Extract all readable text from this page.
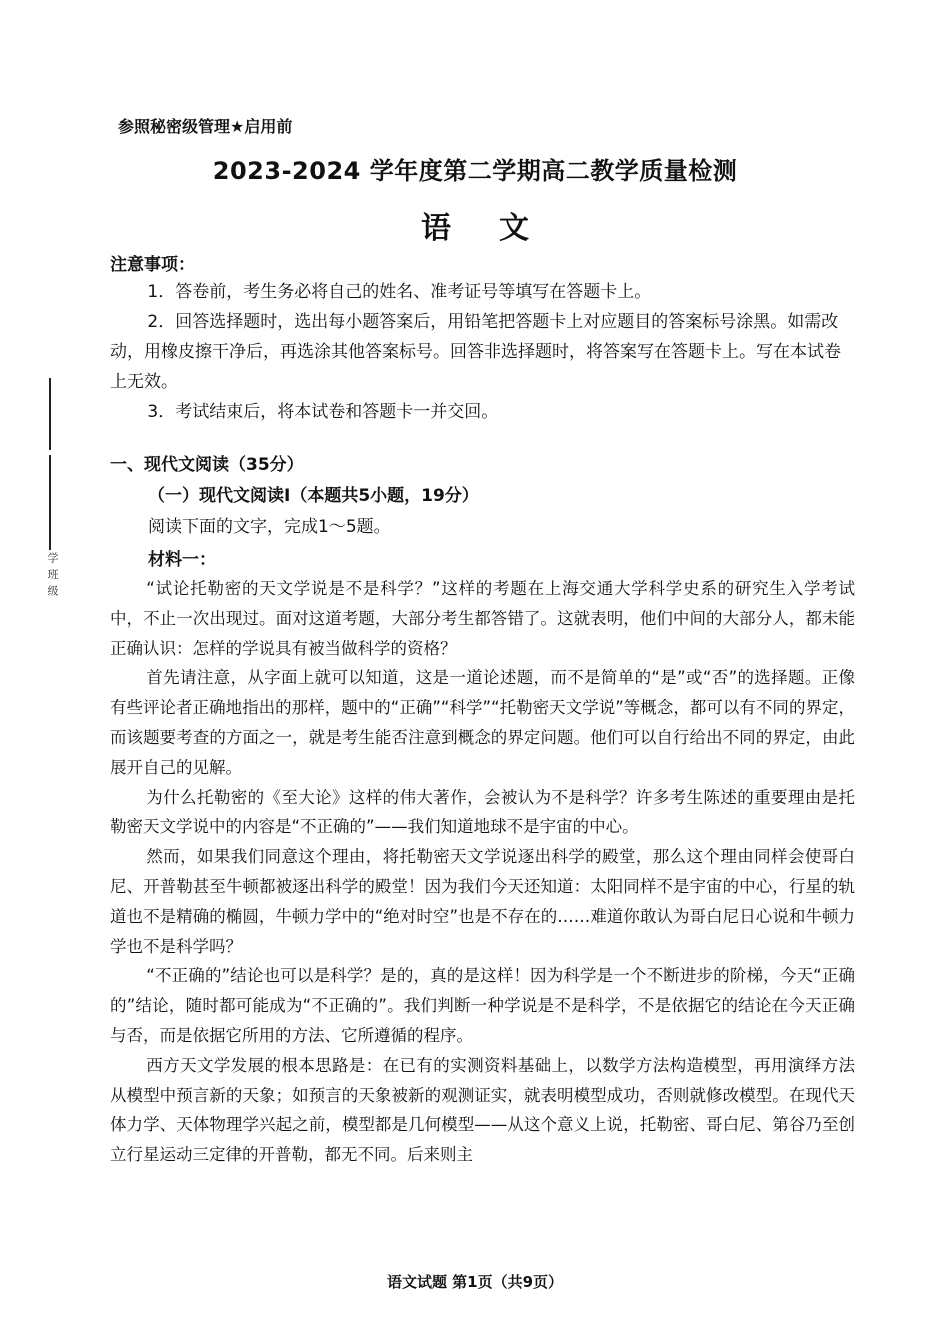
学 班 级
参照秘密级管理★启用前
2023-2024 学年度第二学期高二教学质量检测
语文
注意事项：

1．答卷前，考生务必将自己的姓名、准考证号等填写在答题卡上。

2．回答选择题时，选出每小题答案后，用铅笔把答题卡上对应题目的答案标号涂黑。如需改动，用橡皮擦干净后，再选涂其他答案标号。回答非选择题时，将答案写在答题卡上。写在本试卷上无效。

3．考试结束后，将本试卷和答题卡一并交回。

一、现代文阅读（35分）
（一）现代文阅读Ⅰ（本题共5小题，19分）
阅读下面的文字，完成1～5题。
材料一：

“试论托勒密的天文学说是不是科学？”这样的考题在上海交通大学科学史系的研究生入学考试中，不止一次出现过。面对这道考题，大部分考生都答错了。这就表明，他们中间的大部分人，都未能正确认识：怎样的学说具有被当做科学的资格？

首先请注意，从字面上就可以知道，这是一道论述题，而不是简单的“是”或“否”的选择题。正像有些评论者正确地指出的那样，题中的“正确”“科学”“托勒密天文学说”等概念，都可以有不同的界定，而该题要考查的方面之一，就是考生能否注意到概念的界定问题。他们可以自行给出不同的界定，由此展开自己的见解。

为什么托勒密的《至大论》这样的伟大著作，会被认为不是科学？许多考生陈述的重要理由是托勒密天文学说中的内容是“不正确的”——我们知道地球不是宇宙的中心。

然而，如果我们同意这个理由，将托勒密天文学说逐出科学的殿堂，那么这个理由同样会使哥白尼、开普勒甚至牛顿都被逐出科学的殿堂！因为我们今天还知道：太阳同样不是宇宙的中心，行星的轨道也不是精确的椭圆，牛顿力学中的“绝对时空”也是不存在的……难道你敢认为哥白尼日心说和牛顿力学也不是科学吗？

“不正确的”结论也可以是科学？是的，真的是这样！因为科学是一个不断进步的阶梯，今天“正确的”结论，随时都可能成为“不正确的”。我们判断一种学说是不是科学，不是依据它的结论在今天正确与否，而是依据它所用的方法、它所遵循的程序。

西方天文学发展的根本思路是：在已有的实测资料基础上，以数学方法构造模型，再用演绎方法从模型中预言新的天象；如预言的天象被新的观测证实，就表明模型成功，否则就修改模型。在现代天体力学、天体物理学兴起之前，模型都是几何模型——从这个意义上说，托勒密、哥白尼、第谷乃至创立行星运动三定律的开普勒，都无不同。后来则主

语文试题 第1页（共9页）
